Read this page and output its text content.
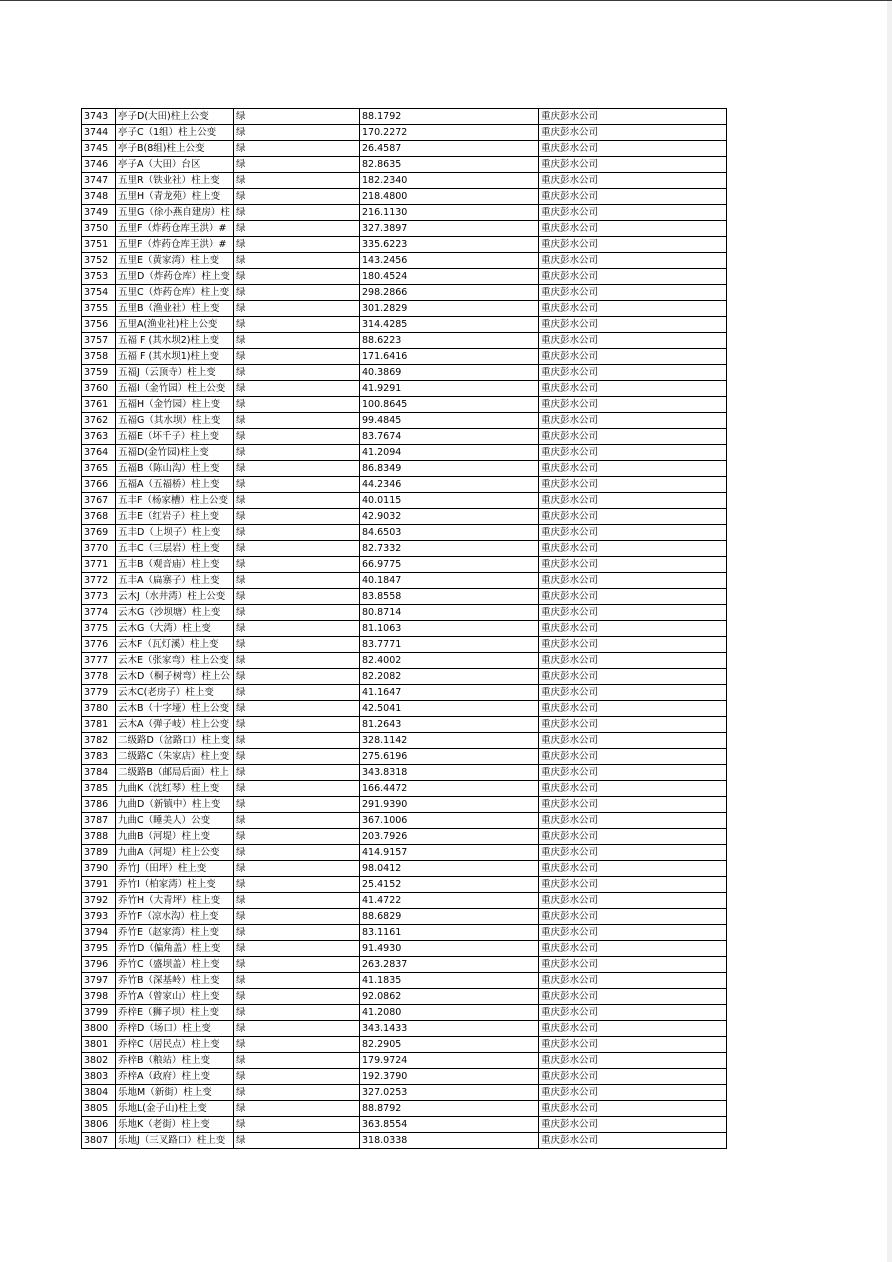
3743	亭子D(大田)柱上公变	绿	88.1792	重庆彭水公司
3744	亭子C（1组）柱上公变	绿	170.2272	重庆彭水公司
3745	亭子B(8组)柱上公变	绿	26.4587	重庆彭水公司
3746	亭子A（大田）台区	绿	82.8635	重庆彭水公司
3747	五里R（铁业社）柱上变	绿	182.2340	重庆彭水公司
3748	五里H（青龙苑）柱上变	绿	218.4800	重庆彭水公司
3749	五里G（徐小燕自建房）柱	绿	216.1130	重庆彭水公司
3750	五里F（炸药仓库王洪）#	绿	327.3897	重庆彭水公司
3751	五里F（炸药仓库王洪）#	绿	335.6223	重庆彭水公司
3752	五里E（黄家湾）柱上变	绿	143.2456	重庆彭水公司
3753	五里D（炸药仓库）柱上变	绿	180.4524	重庆彭水公司
3754	五里C（炸药仓库）柱上变	绿	298.2866	重庆彭水公司
3755	五里B（渔业社）柱上变	绿	301.2829	重庆彭水公司
3756	五里A(渔业社)柱上公变	绿	314.4285	重庆彭水公司
3757	五福 F (其水坝2)柱上变	绿	88.6223	重庆彭水公司
3758	五福 F (其水坝1)柱上变	绿	171.6416	重庆彭水公司
3759	五福J（云顶寺）柱上变	绿	40.3869	重庆彭水公司
3760	五福I（金竹园）柱上公变	绿	41.9291	重庆彭水公司
3761	五福H（金竹园）柱上变	绿	100.8645	重庆彭水公司
3762	五福G（其水坝）柱上变	绿	99.4845	重庆彭水公司
3763	五福E（坏千子）柱上变	绿	83.7674	重庆彭水公司
3764	五福D(金竹园)柱上变	绿	41.2094	重庆彭水公司
3765	五福B（陈山沟）柱上变	绿	86.8349	重庆彭水公司
3766	五福A（五福桥）柱上变	绿	44.2346	重庆彭水公司
3767	五丰F（杨家槽）柱上公变	绿	40.0115	重庆彭水公司
3768	五丰E（红岩子）柱上变	绿	42.9032	重庆彭水公司
3769	五丰D（上坝子）柱上变	绿	84.6503	重庆彭水公司
3770	五丰C（三层岩）柱上变	绿	82.7332	重庆彭水公司
3771	五丰B（观音庙）柱上变	绿	66.9775	重庆彭水公司
3772	五丰A（扁寨子）柱上变	绿	40.1847	重庆彭水公司
3773	云木J（水井湾）柱上公变	绿	83.8558	重庆彭水公司
3774	云木G（沙坝塘）柱上变	绿	80.8714	重庆彭水公司
3775	云木G（大湾）柱上变	绿	81.1063	重庆彭水公司
3776	云木F（瓦灯溪）柱上变	绿	83.7771	重庆彭水公司
3777	云木E（张家弯）柱上公变	绿	82.4002	重庆彭水公司
3778	云木D（桐子树弯）柱上公	绿	82.2082	重庆彭水公司
3779	云木C(老房子）柱上变	绿	41.1647	重庆彭水公司
3780	云木B（十字垭）柱上公变	绿	42.5041	重庆彭水公司
3781	云木A（弹子岐）柱上公变	绿	81.2643	重庆彭水公司
3782	二级路D（岔路口）柱上变	绿	328.1142	重庆彭水公司
3783	二级路C（朱家店）柱上变	绿	275.6196	重庆彭水公司
3784	二级路B（邮局后面）柱上	绿	343.8318	重庆彭水公司
3785	九曲K（沈红琴）柱上变	绿	166.4472	重庆彭水公司
3786	九曲D（新镇中）柱上变	绿	291.9390	重庆彭水公司
3787	九曲C（睡美人）公变	绿	367.1006	重庆彭水公司
3788	九曲B（河堤）柱上变	绿	203.7926	重庆彭水公司
3789	九曲A（河堤）柱上公变	绿	414.9157	重庆彭水公司
3790	乔竹J（田坪）柱上变	绿	98.0412	重庆彭水公司
3791	乔竹I（柏家湾）柱上变	绿	25.4152	重庆彭水公司
3792	乔竹H（大青坪）柱上变	绿	41.4722	重庆彭水公司
3793	乔竹F（凉水沟）柱上变	绿	88.6829	重庆彭水公司
3794	乔竹E（赵家湾）柱上变	绿	83.1161	重庆彭水公司
3795	乔竹D（偏角盖）柱上变	绿	91.4930	重庆彭水公司
3796	乔竹C（盛坝盖）柱上变	绿	263.2837	重庆彭水公司
3797	乔竹B（深基岭）柱上变	绿	41.1835	重庆彭水公司
3798	乔竹A（曾家山）柱上变	绿	92.0862	重庆彭水公司
3799	乔梓E（狮子坝）柱上变	绿	41.2080	重庆彭水公司
3800	乔梓D（场口）柱上变	绿	343.1433	重庆彭水公司
3801	乔梓C（居民点）柱上变	绿	82.2905	重庆彭水公司
3802	乔梓B（粮站）柱上变	绿	179.9724	重庆彭水公司
3803	乔梓A（政府）柱上变	绿	192.3790	重庆彭水公司
3804	乐地M（新街）柱上变	绿	327.0253	重庆彭水公司
3805	乐地L(金子山)柱上变	绿	88.8792	重庆彭水公司
3806	乐地K（老街）柱上变	绿	363.8554	重庆彭水公司
3807	乐地J（三叉路口）柱上变	绿	318.0338	重庆彭水公司
